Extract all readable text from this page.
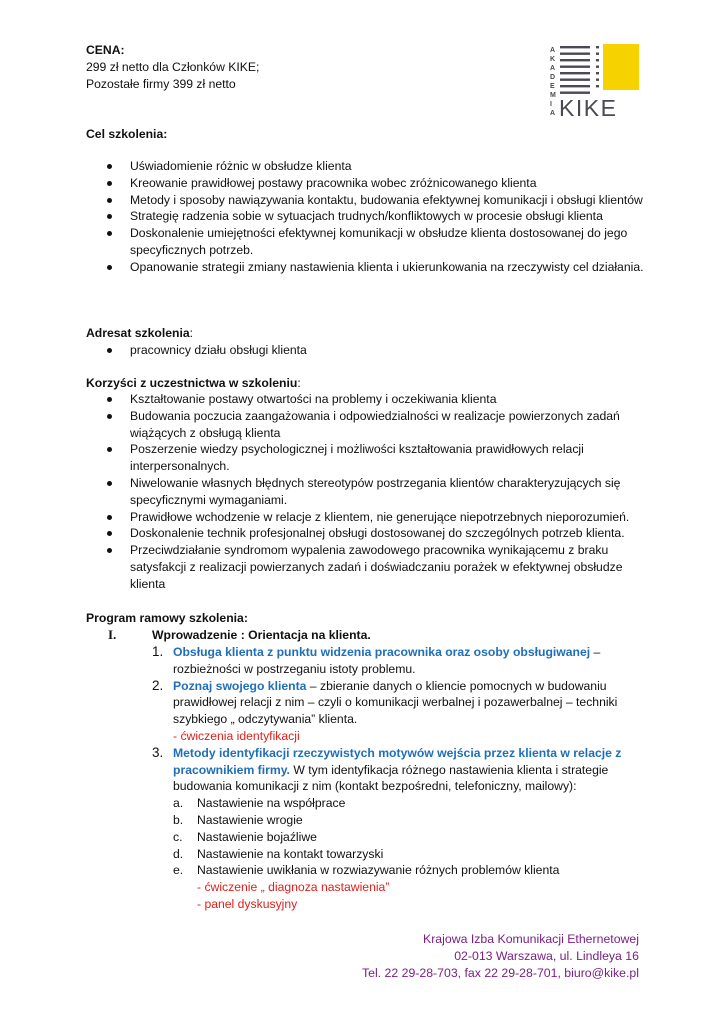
CENA:
299 zł netto dla Członków KIKE;
Pozostałe firmy 399 zł netto
A
K
A
D
E
M
I
A KIKE
Cel szkolenia:
Uświadomienie różnic w obsłudze klienta
Kreowanie prawidłowej postawy pracownika wobec zróżnicowanego klienta
Metody i sposoby nawiązywania kontaktu, budowania efektywnej komunikacji i obsługi klientów
Strategię radzenia sobie w sytuacjach trudnych/konfliktowych w procesie obsługi klienta
Doskonalenie umiejętności efektywnej komunikacji w obsłudze klienta dostosowanej do jego specyficznych potrzeb.
Opanowanie strategii zmiany nastawienia klienta i ukierunkowania na rzeczywisty cel działania.
Adresat szkolenia:
pracownicy działu obsługi klienta
Korzyści z uczestnictwa w szkoleniu:
Kształtowanie postawy otwartości na problemy i oczekiwania klienta
Budowania poczucia zaangażowania i odpowiedzialności w realizacje powierzonych zadań wiążących z obsługą klienta
Poszerzenie wiedzy psychologicznej i możliwości kształtowania prawidłowych relacji interpersonalnych.
Niwelowanie własnych błędnych stereotypów postrzegania klientów charakteryzujących się specyficznymi wymaganiami.
Prawidłowe wchodzenie w relacje z klientem, nie generujące niepotrzebnych nieporozumień.
Doskonalenie technik profesjonalnej obsługi dostosowanej do szczególnych potrzeb klienta.
Przeciwdziałanie syndromom wypalenia zawodowego pracownika wynikającemu z braku satysfakcji z realizacji powierzanych zadań i doświadczaniu porażek w efektywnej obsłudze klienta
Program ramowy szkolenia:
I.	Wprowadzenie : Orientacja na klienta.
1. Obsługa klienta z punktu widzenia pracownika oraz osoby obsługiwanej – rozbieżności w postrzeganiu istoty problemu.
2. Poznaj swojego klienta – zbieranie danych o kliencie pomocnych w budowaniu prawidłowej relacji z nim – czyli o komunikacji werbalnej i pozawerbalnej – techniki szybkiego „ odczytywania” klienta.
- ćwiczenia identyfikacji
3. Metody identyfikacji rzeczywistych motywów wejścia przez klienta w relacje z pracownikiem firmy. W tym identyfikacja różnego nastawienia klienta i strategie budowania komunikacji z nim (kontakt bezpośredni, telefoniczny, mailowy):
a. Nastawienie na współprace
b. Nastawienie wrogie
c. Nastawienie bojaźliwe
d. Nastawienie na kontakt towarzyski
e. Nastawienie uwikłania w rozwiazywanie różnych problemów klienta
- ćwiczenie „ diagnoza nastawienia”
- panel dyskusyjny
Krajowa Izba Komunikacji Ethernetowej
02-013 Warszawa, ul. Lindleya 16
Tel. 22 29-28-703, fax 22 29-28-701, biuro@kike.pl
